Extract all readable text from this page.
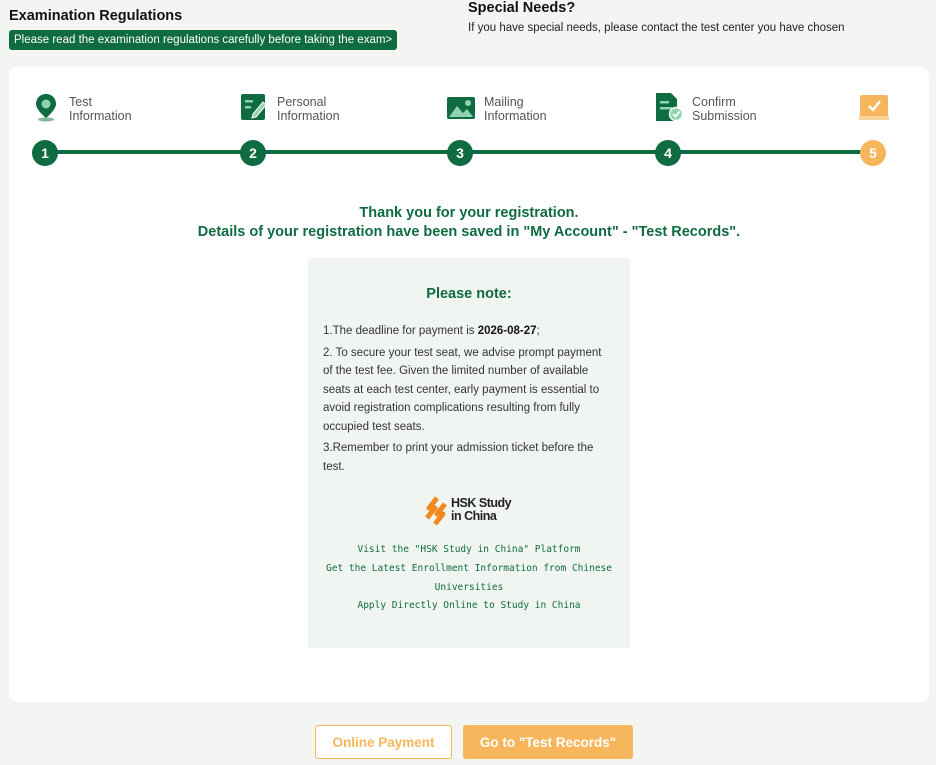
Examination Regulations
Please read the examination regulations carefully before taking the exam>
Special Needs?

If you have special needs, please contact the test center you have chosen

Test
Information
1
Personal
Information
2
Mailing
Information
3
Confirm
Submission
4	5
Thank you for your registration.
Details of your registration have been saved in "My Account" - "Test Records".
Please note:

1.The deadline for payment is 2026-08-27;

2. To secure your test seat, we advise prompt payment of the test fee. Given the limited number of available seats at each test center, early payment is essential to avoid registration complications resulting from fully occupied test seats.

3.Remember to print your admission ticket before the test.

HSK Study
in China
Visit the "HSK Study in China" Platform
Get the Latest Enrollment Information from Chinese Universities
Apply Directly Online to Study in China
Online Payment	Go to "Test Records"
